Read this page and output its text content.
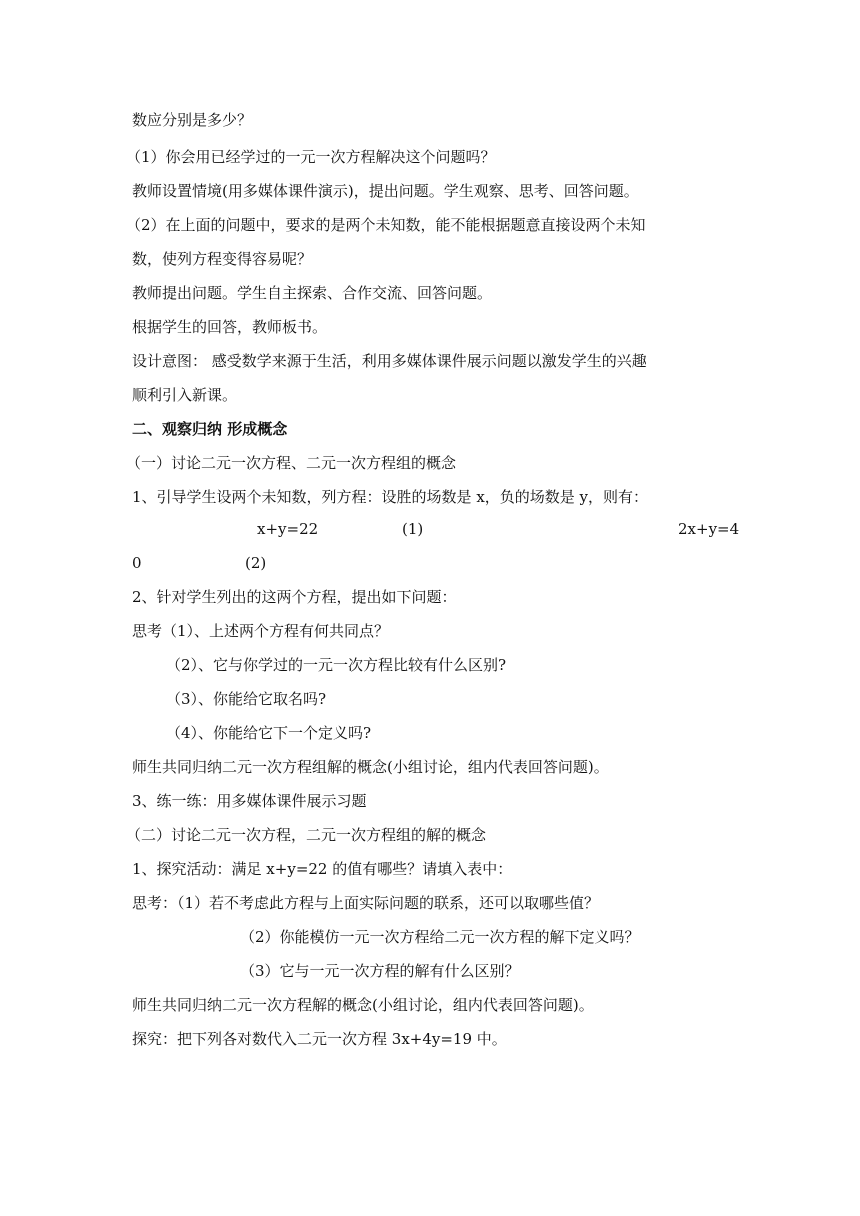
数应分别是多少？
（1）你会用已经学过的一元一次方程解决这个问题吗？
教师设置情境(用多媒体课件演示)，提出问题。学生观察、思考、回答问题。
（2）在上面的问题中，要求的是两个未知数，能不能根据题意直接设两个未知
数，使列方程变得容易呢？
教师提出问题。学生自主探索、合作交流、回答问题。
根据学生的回答，教师板书。
设计意图： 感受数学来源于生活，利用多媒体课件展示问题以激发学生的兴趣
顺利引入新课。
二、观察归纳 形成概念
（一）讨论二元一次方程、二元一次方程组的概念
1、引导学生设两个未知数，列方程：设胜的场数是 x，负的场数是 y，则有：
x+y=22	(1)	2x+y=4
0	(2)
2、针对学生列出的这两个方程，提出如下问题：
思考（1）、上述两个方程有何共同点？
（2）、它与你学过的一元一次方程比较有什么区别?
（3）、你能给它取名吗?
（4）、你能给它下一个定义吗?
师生共同归纳二元一次方程组解的概念(小组讨论，组内代表回答问题)。
3、练一练：用多媒体课件展示习题
（二）讨论二元一次方程，二元一次方程组的解的概念
1、探究活动：满足 x+y=22 的值有哪些？请填入表中：
思考：（1）若不考虑此方程与上面实际问题的联系，还可以取哪些值？
（2）你能模仿一元一次方程给二元一次方程的解下定义吗？
（3）它与一元一次方程的解有什么区别？
师生共同归纳二元一次方程解的概念(小组讨论，组内代表回答问题)。
探究：把下列各对数代入二元一次方程 3x+4y=19 中。
